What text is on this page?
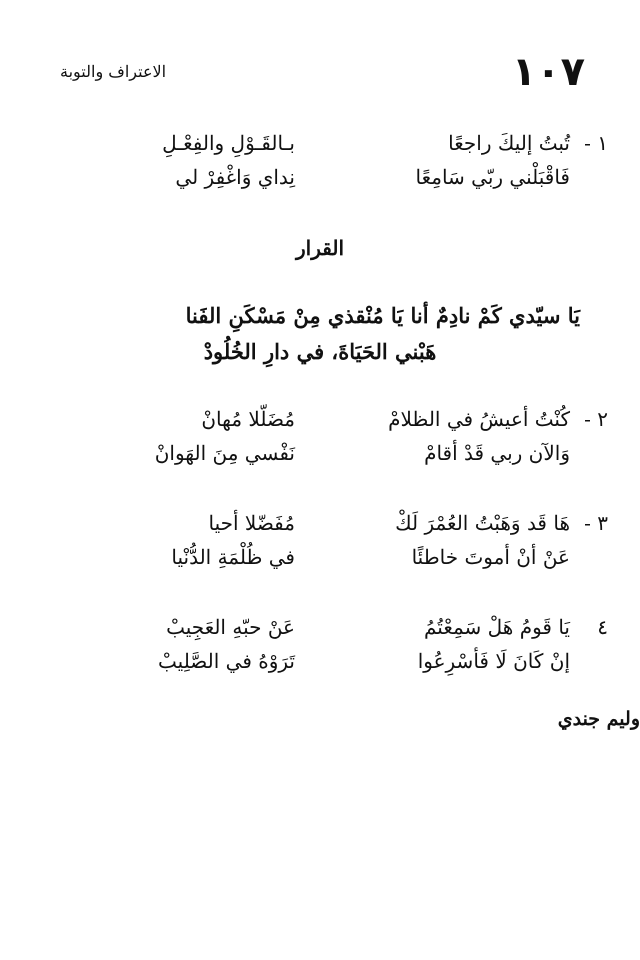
١٠٧
الاعتراف والتوبة
١ -
تُبتُ إليكَ راجعًا
بـالقَـوْلِ والفِعْـلِ
فَاقْبَلْني ربّي سَامِعًا
نِداي وَاغْفِرْ لي
القرار
يَا سيّدي كَمْ نادِمٌ أنا يَا مُنْقذي مِنْ مَسْكَنِ الفَنا
هَبْني الحَيَاةَ، في دارِ الخُلُودْ
٢ -
كُنْتُ أعيشُ في الظلامْ
مُضَلّلا مُهانْ
وَالآن ربي قَدْ أقامْ
نَفْسي مِنَ الهَوانْ
٣ -
هَا قَد وَهَبْتُ العُمْرَ لَكْ
مُفَضّلا أحيا
عَنْ أنْ أموتَ خاطئًا
في ظُلْمَةِ الدُّنْيا
٤
يَا قَومُ هَلْ سَمِعْتُمُ
عَنْ حبّهِ العَجِيبْ
إنْ كَانَ لَا فَأسْرِعُوا
تَرَوْهُ في الصَّلِيبْ
وليم جندي
